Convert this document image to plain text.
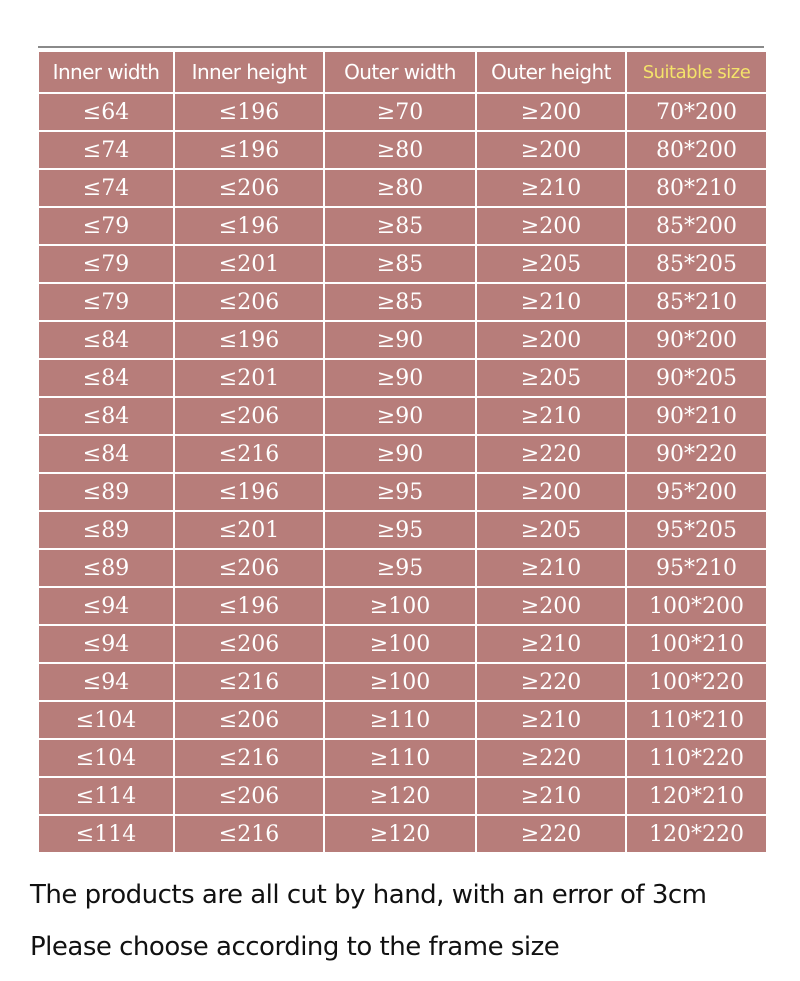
Inner width	Inner height	Outer width	Outer height	Suitable size
≤64	≤196	≥70	≥200	70*200
≤74	≤196	≥80	≥200	80*200
≤74	≤206	≥80	≥210	80*210
≤79	≤196	≥85	≥200	85*200
≤79	≤201	≥85	≥205	85*205
≤79	≤206	≥85	≥210	85*210
≤84	≤196	≥90	≥200	90*200
≤84	≤201	≥90	≥205	90*205
≤84	≤206	≥90	≥210	90*210
≤84	≤216	≥90	≥220	90*220
≤89	≤196	≥95	≥200	95*200
≤89	≤201	≥95	≥205	95*205
≤89	≤206	≥95	≥210	95*210
≤94	≤196	≥100	≥200	100*200
≤94	≤206	≥100	≥210	100*210
≤94	≤216	≥100	≥220	100*220
≤104	≤206	≥110	≥210	110*210
≤104	≤216	≥110	≥220	110*220
≤114	≤206	≥120	≥210	120*210
≤114	≤216	≥120	≥220	120*220

The products are all cut by hand, with an error of 3cm

Please choose according to the frame size
